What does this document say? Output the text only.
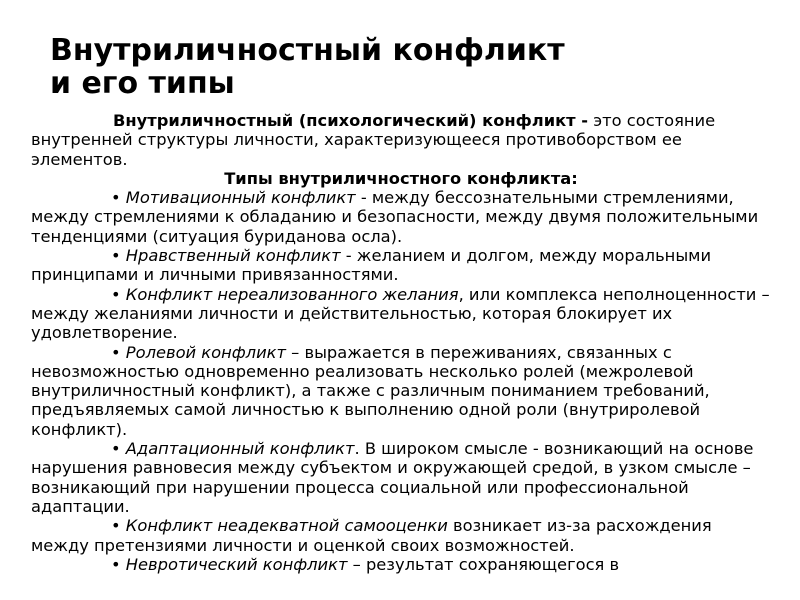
Внутриличностный конфликт
и его типы

Внутриличностный (психологический) конфликт - это состояние внутренней структуры личности, характеризующееся противоборством ее элементов.

Типы внутриличностного конфликта:

• Мотивационный конфликт - между бессознательными стремлениями, между стремлениями к обладанию и безопасности, между двумя положительными тенденциями (ситуация буриданова осла).

• Нравственный конфликт - желанием и долгом, между моральными принципами и личными привязанностями.

• Конфликт нереализованного желания, или комплекса неполноценности – между желаниями личности и действительностью, которая блокирует их удовлетворение.

• Ролевой конфликт – выражается в переживаниях, связанных с невозможностью одновременно реализовать несколько ролей (межролевой внутриличностный конфликт), а также с различным пониманием требований, предъявляемых самой личностью к выполнению одной роли (внутриролевой конфликт).

• Адаптационный конфликт. В широком смысле - возникающий на основе нарушения равновесия между субъектом и окружающей средой, в узком смысле – возникающий при нарушении процесса социальной или профессиональной адаптации.

• Конфликт неадекватной самооценки возникает из-за расхождения между претензиями личности и оценкой своих возможностей.

• Невротический конфликт – результат сохраняющегося в
